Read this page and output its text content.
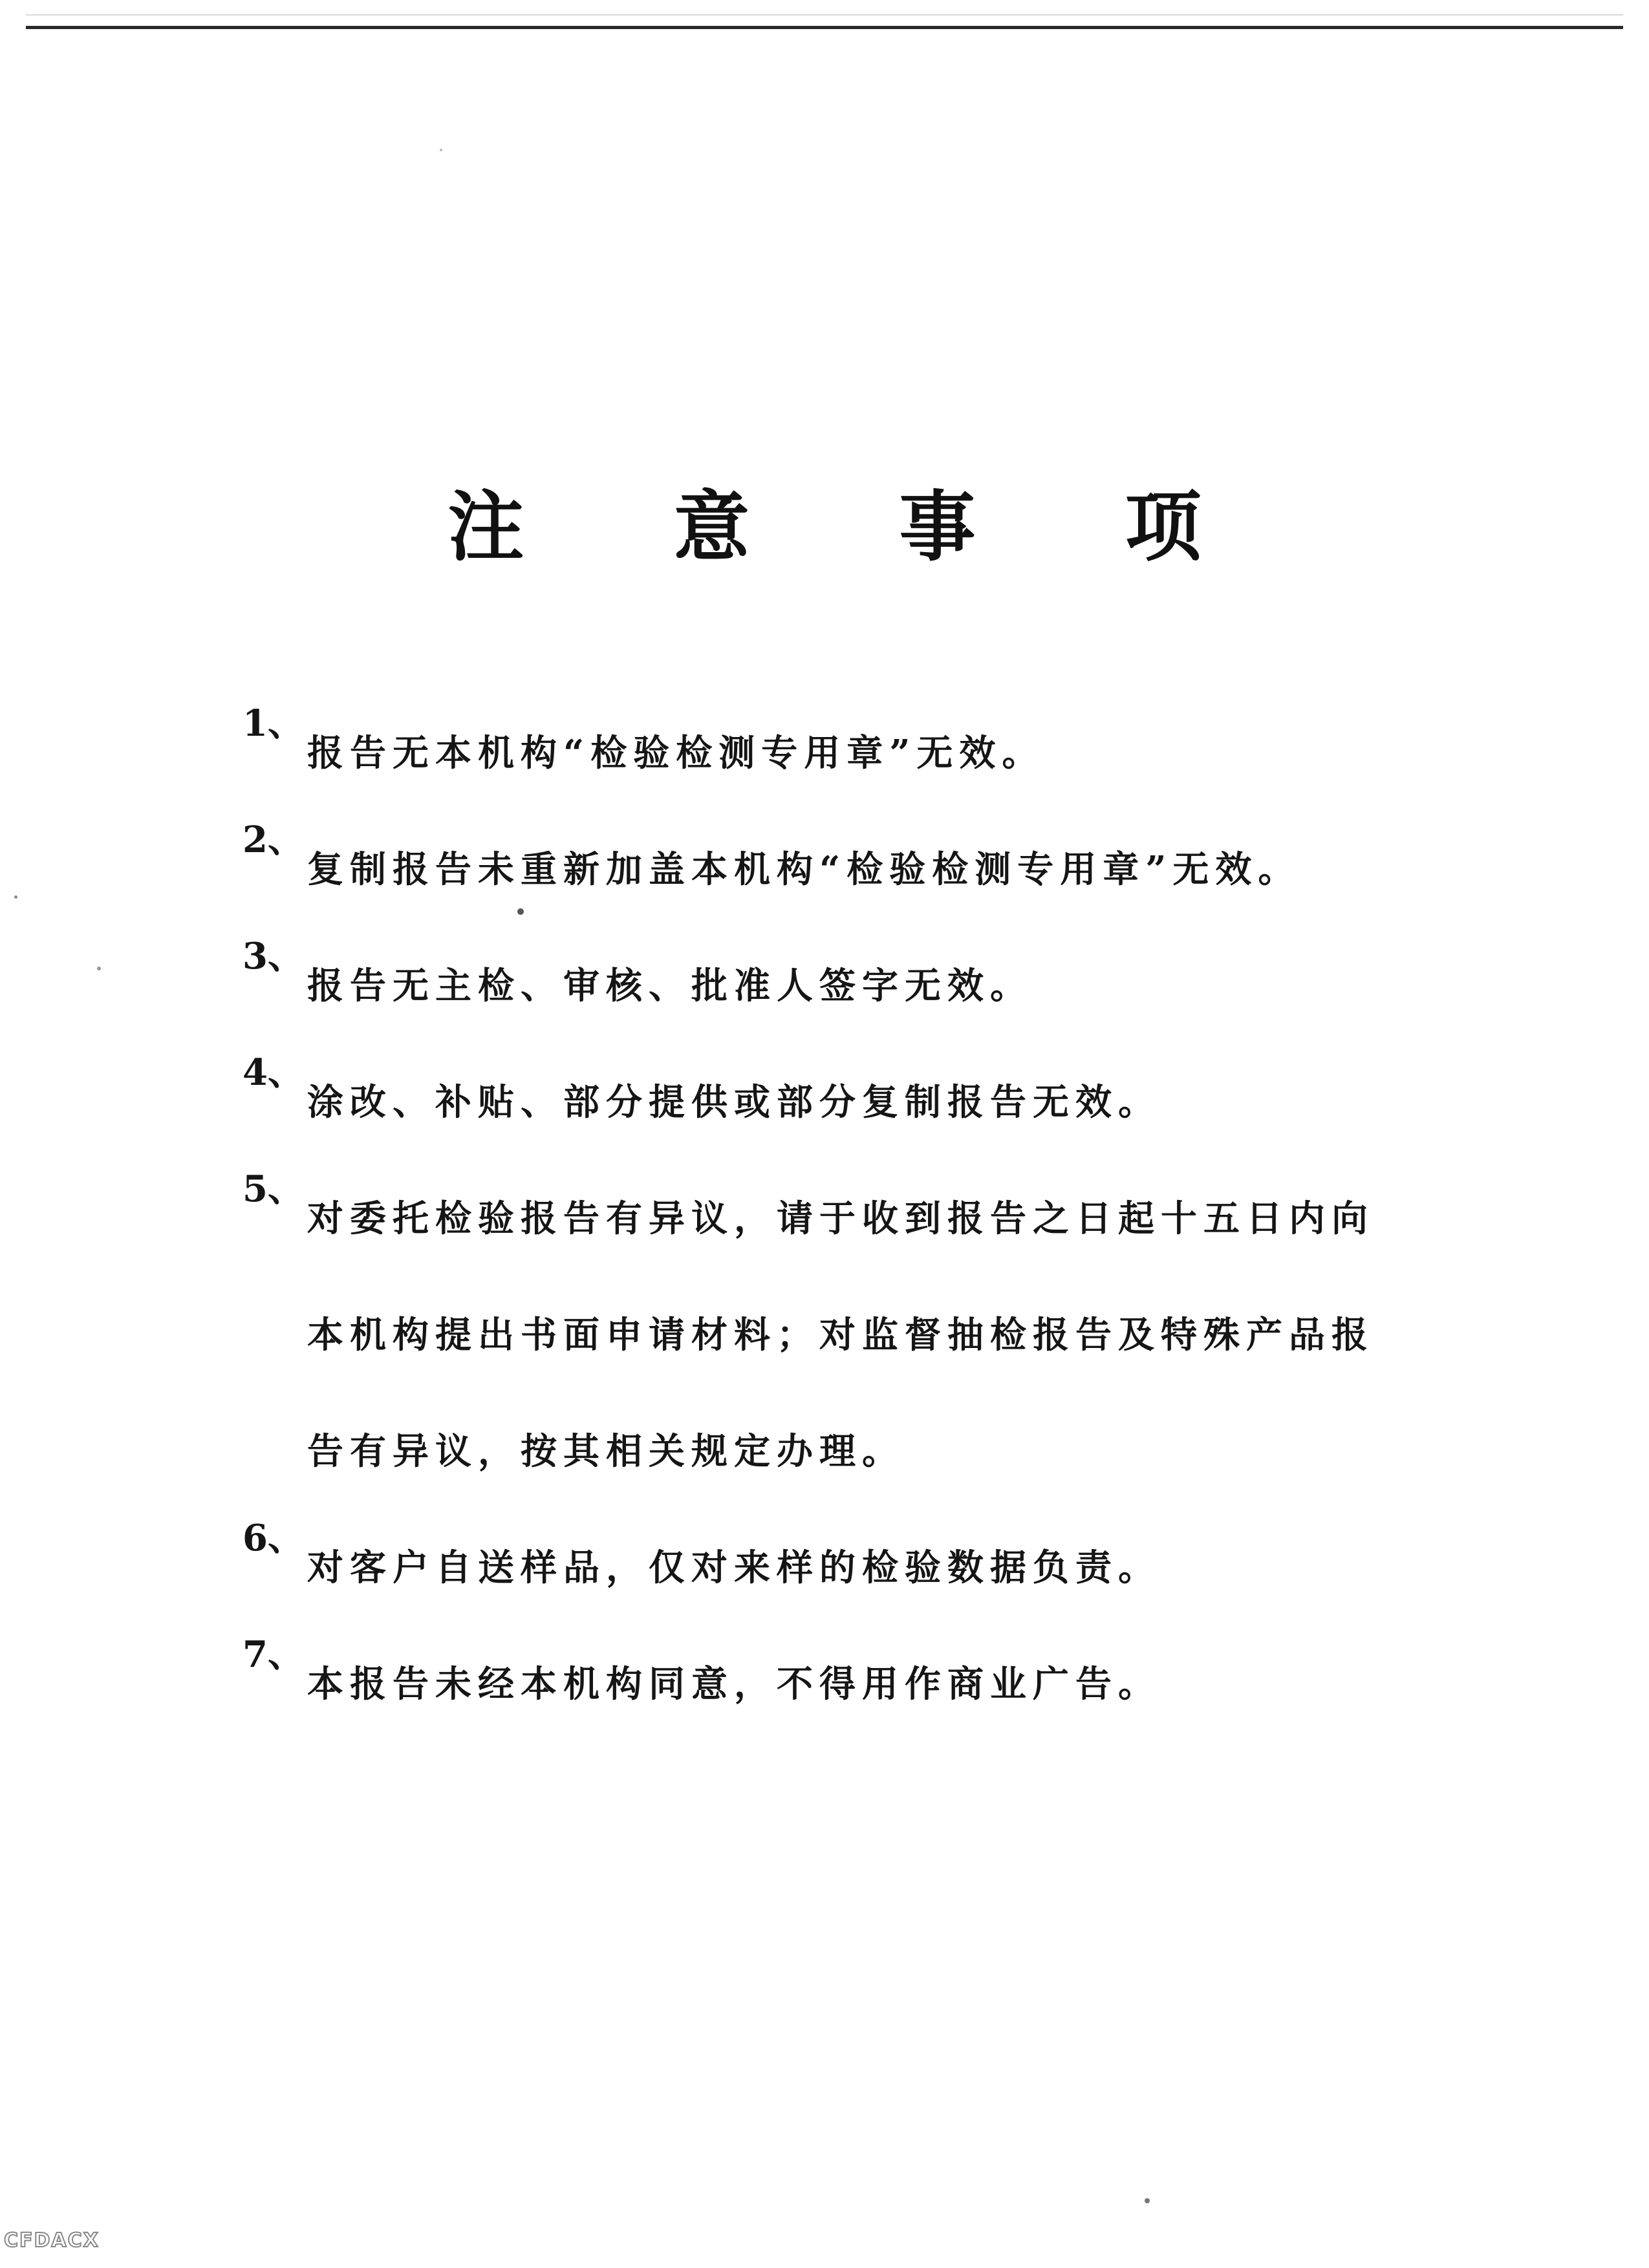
注 意 事 项
1、
报告无本机构“检验检测专用章”无效。
2、
复制报告未重新加盖本机构“检验检测专用章”无效。
3、
报告无主检、审核、批准人签字无效。
4、
涂改、补贴、部分提供或部分复制报告无效。
5、
对委托检验报告有异议，请于收到报告之日起十五日内向
本机构提出书面申请材料；对监督抽检报告及特殊产品报
告有异议，按其相关规定办理。
6、
对客户自送样品，仅对来样的检验数据负责。
7、
本报告未经本机构同意，不得用作商业广告。
CFDACX
